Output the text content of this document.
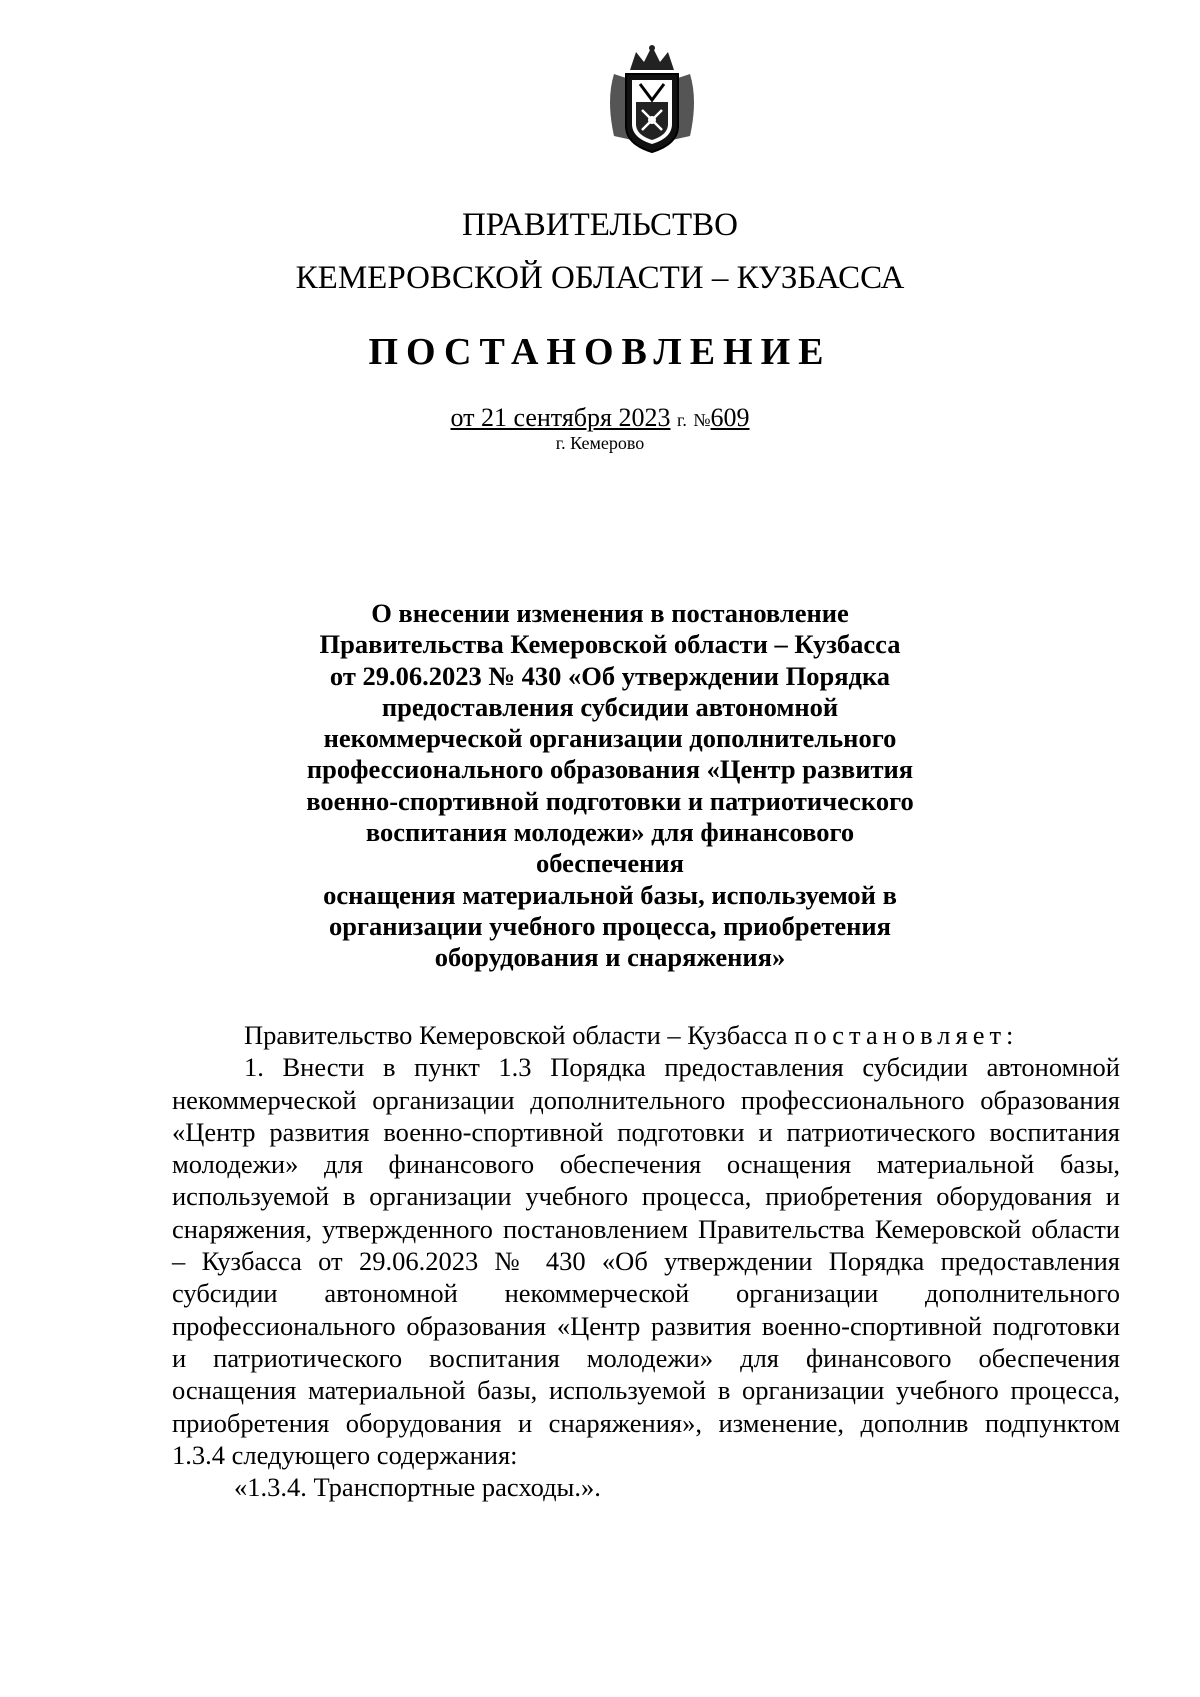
ПРАВИТЕЛЬСТВО
КЕМЕРОВСКОЙ ОБЛАСТИ – КУЗБАССА
ПОСТАНОВЛЕНИЕ
от 21 сентября 2023 г. №609
г. Кемерово
О внесении изменения в постановление
Правительства Кемеровской области – Кузбасса
от 29.06.2023 № 430 «Об утверждении Порядка
предоставления субсидии автономной
некоммерческой организации дополнительного
профессионального образования «Центр развития
военно-спортивной подготовки и патриотического
воспитания молодежи» для финансового обеспечения
оснащения материальной базы, используемой в
организации учебного процесса, приобретения
оборудования и снаряжения»

Правительство Кемеровской области – Кузбасса постановляет:

1. Внести в пункт 1.3 Порядка предоставления субсидии автономной некоммерческой организации дополнительного профессионального образования «Центр развития военно-спортивной подготовки и патриотического воспитания молодежи» для финансового обеспечения оснащения материальной базы, используемой в организации учебного процесса, приобретения оборудования и снаряжения, утвержденного постановлением Правительства Кемеровской области – Кузбасса от 29.06.2023 № 430 «Об утверждении Порядка предоставления субсидии автономной некоммерческой организации дополнительного профессионального образования «Центр развития военно-спортивной подготовки и патриотического воспитания молодежи» для финансового обеспечения оснащения материальной базы, используемой в организации учебного процесса, приобретения оборудования и снаряжения», изменение, дополнив подпунктом 1.3.4 следующего содержания:

«1.3.4. Транспортные расходы.».
